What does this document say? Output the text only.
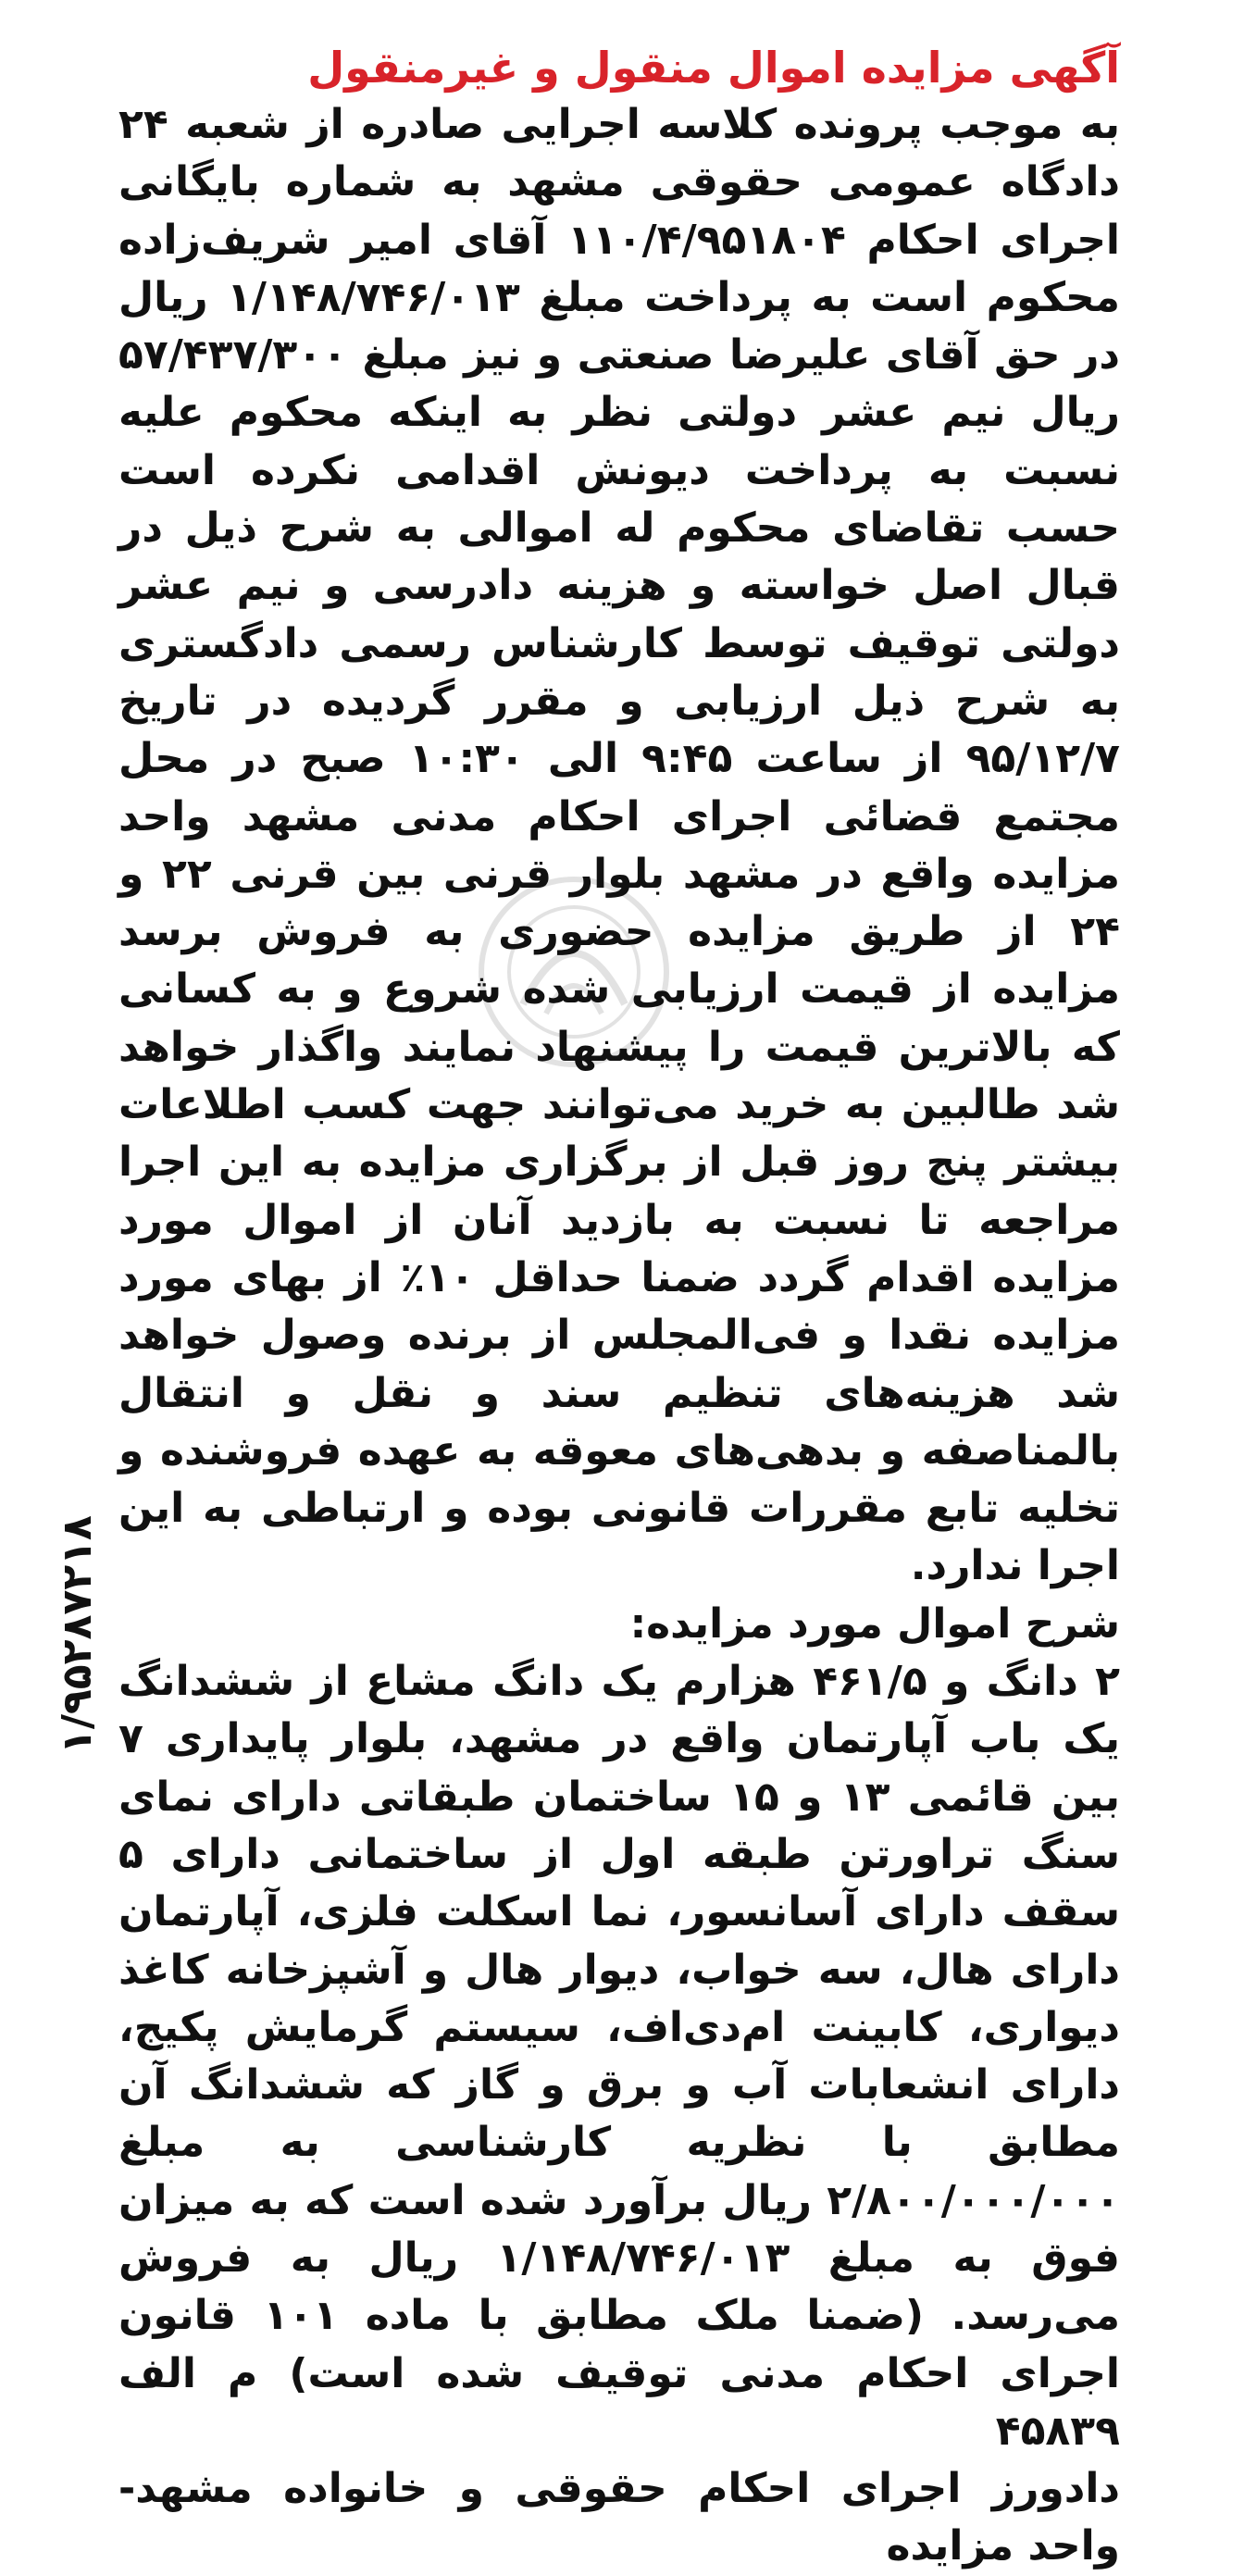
آگهی مزایده اموال منقول و غیرمنقول

به موجب پرونده کلاسه اجرایی صادره از شعبه ۲۴ دادگاه عمومی حقوقی مشهد به شماره بایگانی اجرای احکام ۱۱۰/۴/۹۵۱۸۰۴ آقای امیر شریف‌زاده محکوم است به پرداخت مبلغ ۱/۱۴۸/۷۴۶/۰۱۳ ریال در حق آقای علیرضا صنعتی و نیز مبلغ ۵۷/۴۳۷/۳۰۰ ریال نیم عشر دولتی نظر به اینکه محکوم علیه نسبت به پرداخت دیونش اقدامی نکرده است حسب تقاضای محکوم له اموالی به شرح ذیل در قبال اصل خواسته و هزینه دادرسی و نیم عشر دولتی توقیف توسط کارشناس رسمی دادگستری به شرح ذیل ارزیابی و مقرر گردیده در تاریخ ۹۵/۱۲/۷ از ساعت ۹:۴۵ الی ۱۰:۳۰ صبح در محل مجتمع قضائی اجرای احکام مدنی مشهد واحد مزایده واقع در مشهد بلوار قرنی بین قرنی ۲۲ و ۲۴ از طریق مزایده حضوری به فروش برسد مزایده از قیمت ارزیابی شده شروع و به کسانی که بالاترین قیمت را پیشنهاد نمایند واگذار خواهد شد طالبین به خرید می‌توانند جهت کسب اطلاعات بیشتر پنج روز قبل از برگزاری مزایده به این اجرا مراجعه تا نسبت به بازدید آنان از اموال مورد مزایده اقدام گردد ضمنا حداقل ۱۰٪ از بهای مورد مزایده نقدا و فی‌المجلس از برنده وصول خواهد شد هزینه‌های تنظیم سند و نقل و انتقال بالمناصفه و بدهی‌های معوقه به عهده فروشنده و تخلیه تابع مقررات قانونی بوده و ارتباطی به این اجرا ندارد.

شرح اموال مورد مزایده:

۲ دانگ و ۴۶۱/۵ هزارم یک دانگ مشاع از ششدانگ یک باب آپارتمان واقع در مشهد، بلوار پایداری ۷ بین قائمی ۱۳ و ۱۵ ساختمان طبقاتی دارای نمای سنگ تراورتن طبقه اول از ساختمانی دارای ۵ سقف دارای آسانسور، نما اسکلت فلزی، آپارتمان دارای هال، سه خواب، دیوار هال و آشپزخانه کاغذ دیواری، کابینت ام‌دی‌اف، سیستم گرمایش پکیج، دارای انشعابات آب و برق و گاز که ششدانگ آن مطابق با نظریه کارشناسی به مبلغ ۲/۸۰۰/۰۰۰/۰۰۰ ریال برآورد شده است که به میزان فوق به مبلغ ۱/۱۴۸/۷۴۶/۰۱۳ ریال به فروش می‌رسد. (ضمنا ملک مطابق با ماده ۱۰۱ قانون اجرای احکام مدنی توقیف شده است) م الف ۴۵۸۳۹

دادورز اجرای احکام حقوقی و خانواده مشهد- واحد مزایده

۱/۹۵۲۸۷۲۱۸
